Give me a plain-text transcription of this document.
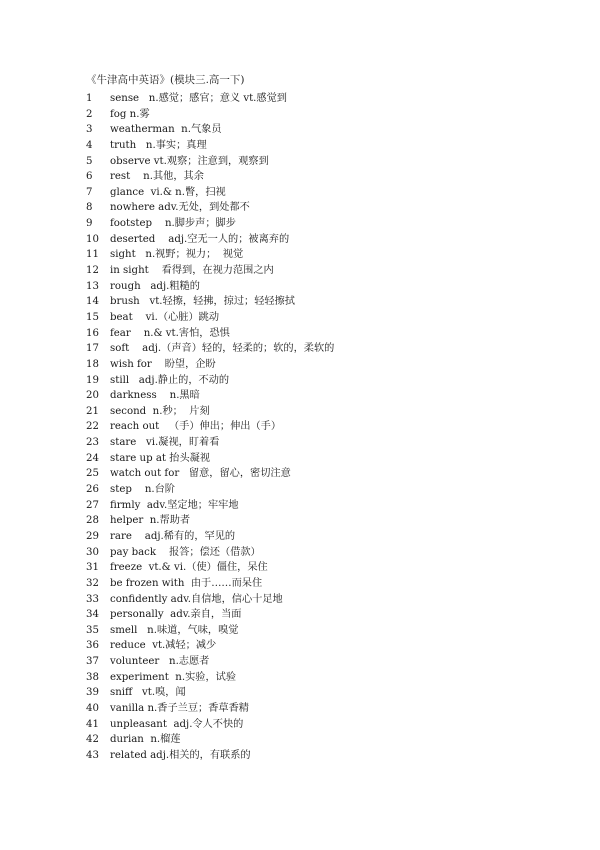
《牛津高中英语》(模块三.高一下)
1	sense   n.感觉；感官；意义 vt.感觉到
2	fog n.雾
3	weatherman  n.气象员
4	truth   n.事实；真理
5	observe vt.观察；注意到，观察到
6	rest    n.其他，其余
7	glance  vi.& n.瞥，扫视
8	nowhere adv.无处，到处都不
9	footstep    n.脚步声；脚步
10	deserted    adj.空无一人的；被离弃的
11	sight   n.视野；视力；  视觉
12	in sight    看得到，在视力范围之内
13	rough   adj.粗糙的
14	brush   vt.轻擦，轻拂，掠过；轻轻擦拭
15	beat    vi.（心脏）跳动
16	fear    n.& vt.害怕，恐惧
17	soft    adj.（声音）轻的，轻柔的；软的，柔软的
18	wish for    盼望，企盼
19	still   adj.静止的，不动的
20	darkness    n.黑暗
21	second  n.秒；  片刻
22	reach out   （手）伸出；伸出（手）
23	stare   vi.凝视，盯着看
24	stare up at 抬头凝视
25	watch out for   留意，留心，密切注意
26	step    n.台阶
27	firmly  adv.坚定地；牢牢地
28	helper  n.帮助者
29	rare    adj.稀有的，罕见的
30	pay back    报答；偿还（借款）
31	freeze  vt.& vi.（使）僵住，呆住
32	be frozen with  由于……而呆住
33	confidently adv.自信地，信心十足地
34	personally  adv.亲自，当面
35	smell   n.味道，气味，嗅觉
36	reduce  vt.减轻；减少
37	volunteer   n.志愿者
38	experiment  n.实验，试验
39	sniff   vt.嗅，闻
40	vanilla n.香子兰豆；香草香精
41	unpleasant  adj.令人不快的
42	durian  n.榴莲
43	related adj.相关的，有联系的
